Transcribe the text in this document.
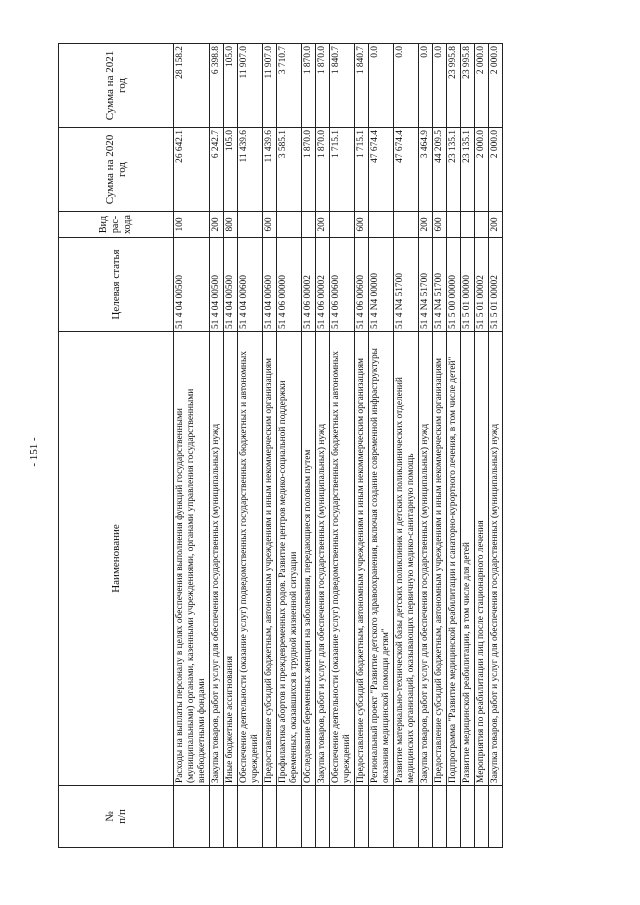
- 151 -
№
п/п	Наименование	Целевая статья	Вид рас-хода	Сумма на 2020 год	Сумма на 2021 год
	Расходы на выплаты персоналу в целях обеспечения выполнения функций государственными (муниципальными) органами, казенными учреждениями, органами управления государственными внебюджетными фондами	51 4 04 00500	100	26 642.1	28 158.2
	Закупка товаров, работ и услуг для обеспечения государственных (муниципальных) нужд	51 4 04 00500	200	6 242.7	6 398.8
	Иные бюджетные ассигнования	51 4 04 00500	800	105.0	105.0
	Обеспечение деятельности (оказание услуг) подведомственных государственных бюджетных и автономных учреждений	51 4 04 00600		11 439.6	11 907.0
	Предоставление субсидий бюджетным, автономным учреждениям и иным некоммерческим организациям	51 4 04 00600	600	11 439.6	11 907.0
	Профилактика абортов и преждевременных родов. Развитие центров медико-социальной поддержки беременных, оказавшихся в трудной жизненной ситуации	51 4 06 00000		3 585.1	3 710.7
	Обследование беременных женщин на заболевания, передающиеся половым путем	51 4 06 00002		1 870.0	1 870.0
	Закупка товаров, работ и услуг для обеспечения государственных (муниципальных) нужд	51 4 06 00002	200	1 870.0	1 870.0
	Обеспечение деятельности (оказание услуг) подведомственных государственных бюджетных и автономных учреждений	51 4 06 00600		1 715.1	1 840.7
	Предоставление субсидий бюджетным, автономным учреждениям и иным некоммерческим организациям	51 4 06 00600	600	1 715.1	1 840.7
	Региональный проект "Развитие детского здравоохранения, включая создание современной инфраструктуры оказания медицинской помощи детям"	51 4 N4 00000		47 674.4	0.0
	Развитие материально-технической базы детских поликлиник и детских поликлинических отделений медицинских организаций, оказывающих первичную медико-санитарную помощь	51 4 N4 51700		47 674.4	0.0
	Закупка товаров, работ и услуг для обеспечения государственных (муниципальных) нужд	51 4 N4 51700	200	3 464.9	0.0
	Предоставление субсидий бюджетным, автономным учреждениям и иным некоммерческим организациям	51 4 N4 51700	600	44 209.5	0.0
	Подпрограмма "Развитие медицинской реабилитации и санаторно-курортного лечения, в том числе детей"	51 5 00 00000		23 135.1	23 995.8
	Развитие медицинской реабилитации, в том числе для детей	51 5 01 00000		23 135.1	23 995.8
	Мероприятия по реабилитации лиц после стационарного лечения	51 5 01 00002		2 000.0	2 000.0
	Закупка товаров, работ и услуг для обеспечения государственных (муниципальных) нужд	51 5 01 00002	200	2 000.0	2 000.0
